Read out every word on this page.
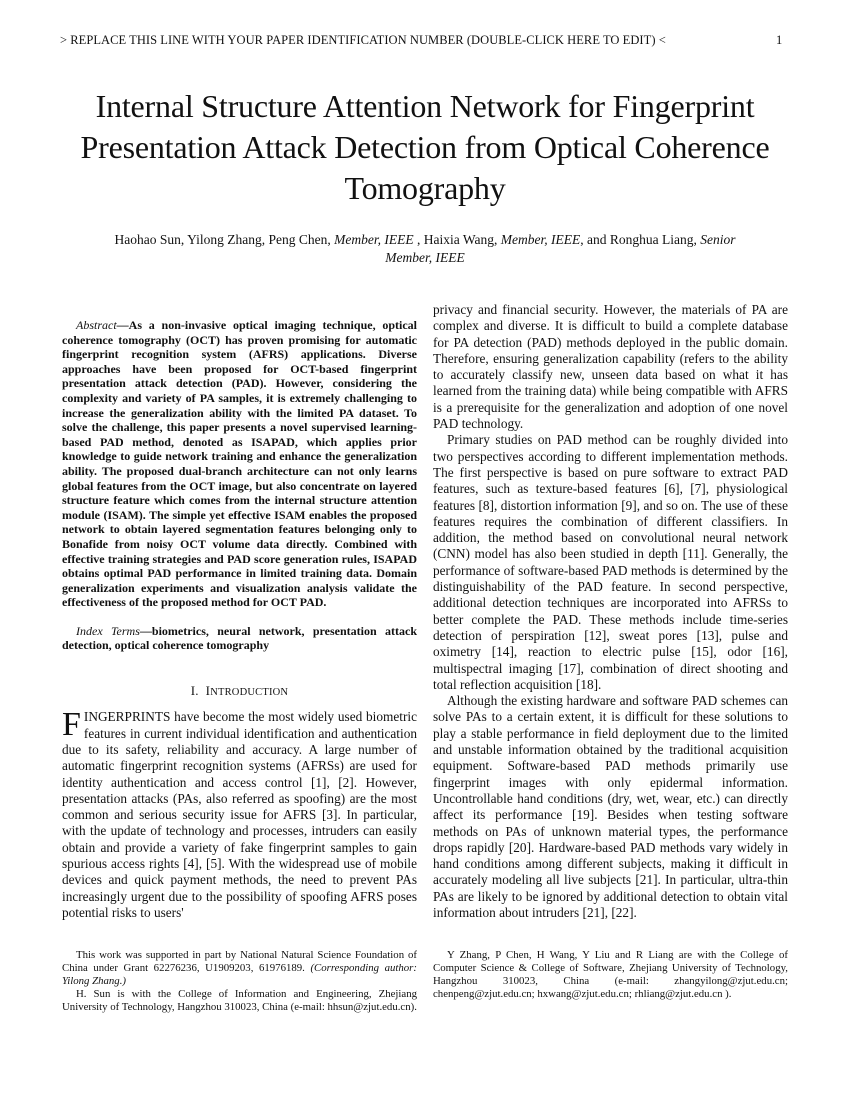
> REPLACE THIS LINE WITH YOUR PAPER IDENTIFICATION NUMBER (DOUBLE-CLICK HERE TO EDIT) <	1
Internal Structure Attention Network for Fingerprint Presentation Attack Detection from Optical Coherence Tomography
Haohao Sun, Yilong Zhang, Peng Chen, Member, IEEE , Haixia Wang, Member, IEEE, and Ronghua Liang, Senior Member, IEEE

Abstract—As a non-invasive optical imaging technique, optical coherence tomography (OCT) has proven promising for automatic fingerprint recognition system (AFRS) applications. Diverse approaches have been proposed for OCT-based fingerprint presentation attack detection (PAD). However, considering the complexity and variety of PA samples, it is extremely challenging to increase the generalization ability with the limited PA dataset. To solve the challenge, this paper presents a novel supervised learning-based PAD method, denoted as ISAPAD, which applies prior knowledge to guide network training and enhance the generalization ability. The proposed dual-branch architecture can not only learns global features from the OCT image, but also concentrate on layered structure feature which comes from the internal structure attention module (ISAM). The simple yet effective ISAM enables the proposed network to obtain layered segmentation features belonging only to Bonafide from noisy OCT volume data directly. Combined with effective training strategies and PAD score generation rules, ISAPAD obtains optimal PAD performance in limited training data. Domain generalization experiments and visualization analysis validate the effectiveness of the proposed method for OCT PAD.

Index Terms—biometrics, neural network, presentation attack detection, optical coherence tomography

I. INTRODUCTION

FINGERPRINTS have become the most widely used biometric features in current individual identification and authentication due to its safety, reliability and accuracy. A large number of automatic fingerprint recognition systems (AFRSs) are used for identity authentication and access control [1], [2]. However, presentation attacks (PAs, also referred as spoofing) are the most common and serious security issue for AFRS [3]. In particular, with the update of technology and processes, intruders can easily obtain and provide a variety of fake fingerprint samples to gain spurious access rights [4], [5]. With the widespread use of mobile devices and quick payment methods, the need to prevent PAs increasingly urgent due to the possibility of spoofing AFRS poses potential risks to users'

privacy and financial security. However, the materials of PA are complex and diverse. It is difficult to build a complete database for PA detection (PAD) methods deployed in the public domain. Therefore, ensuring generalization capability (refers to the ability to accurately classify new, unseen data based on what it has learned from the training data) while being compatible with AFRS is a prerequisite for the generalization and adoption of one novel PAD technology.

Primary studies on PAD method can be roughly divided into two perspectives according to different implementation methods. The first perspective is based on pure software to extract PAD features, such as texture-based features [6], [7], physiological features [8], distortion information [9], and so on. The use of these features requires the combination of different classifiers. In addition, the method based on convolutional neural network (CNN) model has also been studied in depth [11]. Generally, the performance of software-based PAD methods is determined by the distinguishability of the PAD feature. In second perspective, additional detection techniques are incorporated into AFRSs to better complete the PAD. These methods include time-series detection of perspiration [12], sweat pores [13], pulse and oximetry [14], reaction to electric pulse [15], odor [16], multispectral imaging [17], combination of direct shooting and total reflection acquisition [18].

Although the existing hardware and software PAD schemes can solve PAs to a certain extent, it is difficult for these solutions to play a stable performance in field deployment due to the limited and unstable information obtained by the traditional acquisition equipment. Software-based PAD methods primarily use fingerprint images with only epidermal information. Uncontrollable hand conditions (dry, wet, wear, etc.) can directly affect its performance [19]. Besides when testing software methods on PAs of unknown material types, the performance drops rapidly [20]. Hardware-based PAD methods vary widely in hand conditions among different subjects, making it difficult in accurately modeling all live subjects [21]. In particular, ultra-thin PAs are likely to be ignored by additional detection to obtain vital information about intruders [21], [22].

This work was supported in part by National Natural Science Foundation of China under Grant 62276236, U1909203, 61976189. (Corresponding author: Yilong Zhang.)

H. Sun is with the College of Information and Engineering, Zhejiang University of Technology, Hangzhou 310023, China (e-mail: hhsun@zjut.edu.cn).

Y Zhang, P Chen, H Wang, Y Liu and R Liang are with the College of Computer Science & College of Software, Zhejiang University of Technology, Hangzhou 310023, China (e-mail: zhangyilong@zjut.edu.cn; chenpeng@zjut.edu.cn; hxwang@zjut.edu.cn; rhliang@zjut.edu.cn ).
